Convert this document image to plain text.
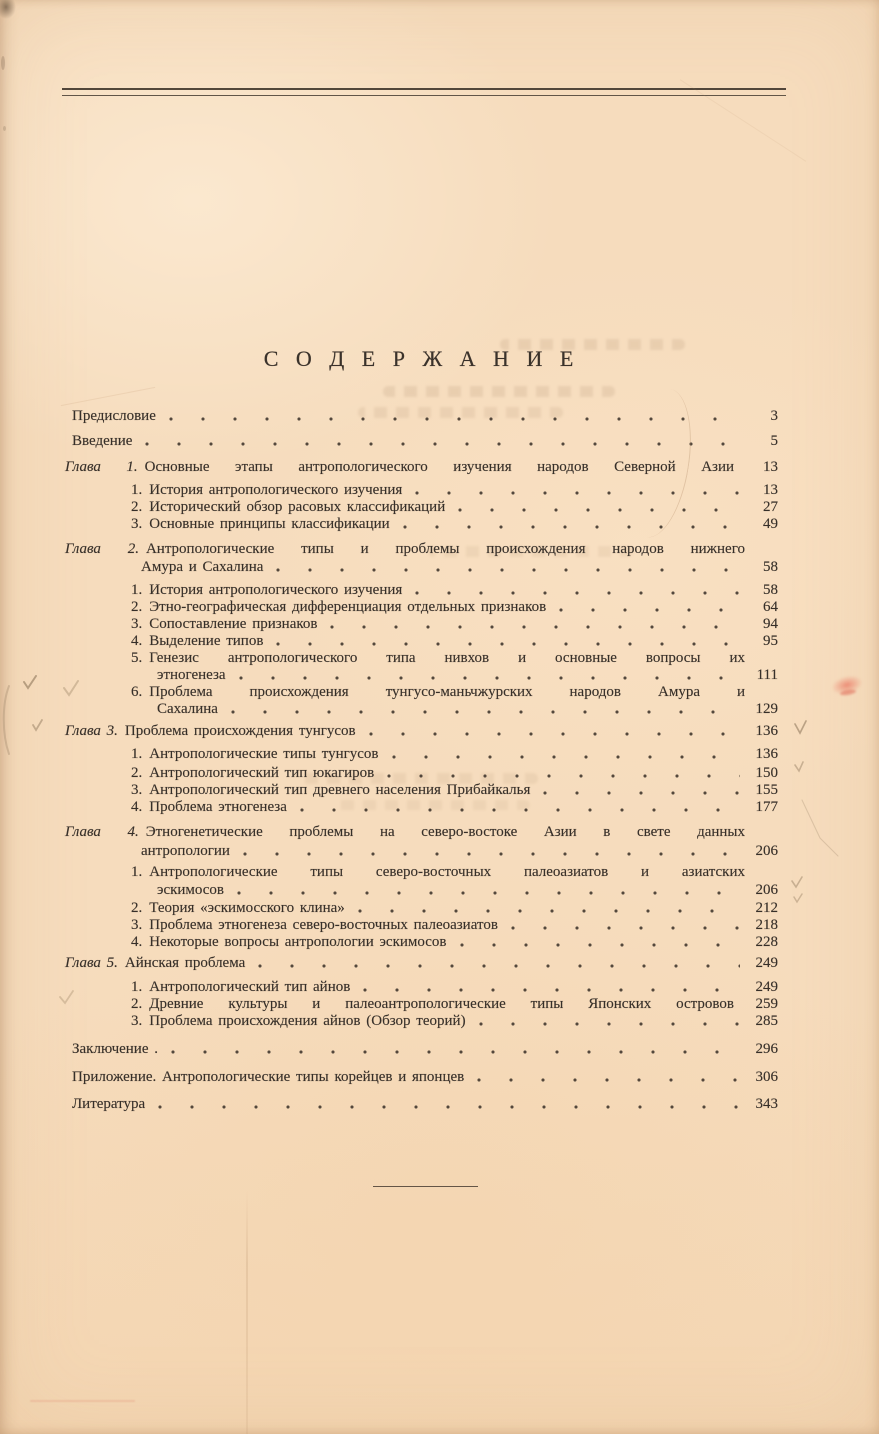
С О Д Е Р Ж А Н И Е
Предисловие	3
Введение	5
Глава 1. Основные этапы антропологического изучения народов Северной Азии	13
1. История антропологического изучения	13
2. Исторический обзор расовых классификаций	27
3. Основные принципы классификации	49
Глава 2. Антропологические типы и проблемы происхождения народов нижнего
Амура и Сахалина	58
1. История антропологического изучения	58
2. Этно-географическая дифференциация отдельных признаков	64
3. Сопоставление признаков	94
4. Выделение типов	95
5. Генезис антропологического типа нивхов и основные вопросы их
этногенеза	111
6. Проблема происхождения тунгусо-маньчжурских народов Амура и
Сахалина	129
Глава 3. Проблема происхождения тунгусов	136
1. Антропологические типы тунгусов	136
2. Антропологический тип юкагиров	150
3. Антропологический тип древнего населения Прибайкалья	155
4. Проблема этногенеза	177
Глава 4. Этногенетические проблемы на северо-востоке Азии в свете данных
антропологии	206
1. Антропологические типы северо-восточных палеоазиатов и азиатских
эскимосов	206
2. Теория «эскимосского клина»	212
3. Проблема этногенеза северо-восточных палеоазиатов	218
4. Некоторые вопросы антропологии эскимосов	228
Глава 5. Айнская проблема	249
1. Антропологический тип айнов	249
2. Древние культуры и палеоантропологические типы Японских островов	259
3. Проблема происхождения айнов (Обзор теорий)	285
Заключение .	296
Приложение. Антропологические типы корейцев и японцев	306
Литература	343
